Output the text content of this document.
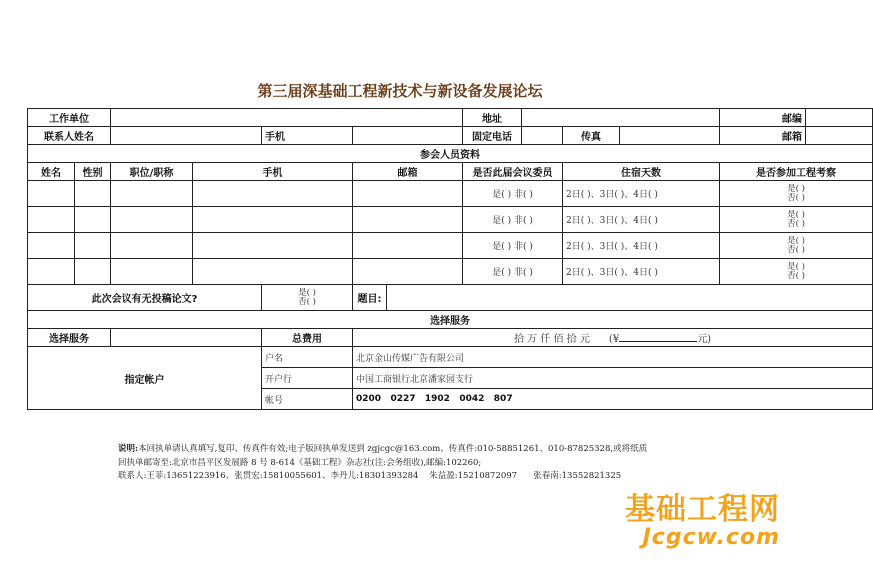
第三届深基础工程新技术与新设备发展论坛
工作单位							地址				邮编	
联系人姓名				手机			固定电话		传真		邮箱	
参会人员资料												
姓名	性别	职位/职称	手机		邮箱		是否此届会议委员		住宿天数		是否参加工程考察	
							是( ) 非( )		2日( )、3日( )、4日( )		是( )
否( )	

							是( ) 非( )		2日( )、3日( )、4日( )		是( )
否( )	

							是( ) 非( )		2日( )、3日( )、4日( )		是( )
否( )	

							是( ) 非( )		2日( )、3日( )、4日( )		是( )
否( )	

此次会议有无投稿论文?				是( )
否( )	题目:							
选择服务												
选择服务				总费用	拾 万 仟 佰 拾 元 (¥ 元)							
指定帐户				户名	北京金山传媒广告有限公司							
				开户行	中国工商银行北京潘家园支行							
				帐号	0200   0227   1902   0042   807							

说明:本回执单请认真填写,复印、传真件有效;电子版回执单发送到 zgjcgc@163.com、传真件:010-58851261、010-87825328,或将纸质

回执单邮寄至:北京市昌平区发展路 8 号 8-614《基础工程》杂志社(注:会务组收),邮编:102260;

联系人:王菲:13651223916、张贯宏:15810055601、李丹儿:18301393284    朱益盈:15210872097      张春南:13552821325

基础工程网
Jcgcw.com
